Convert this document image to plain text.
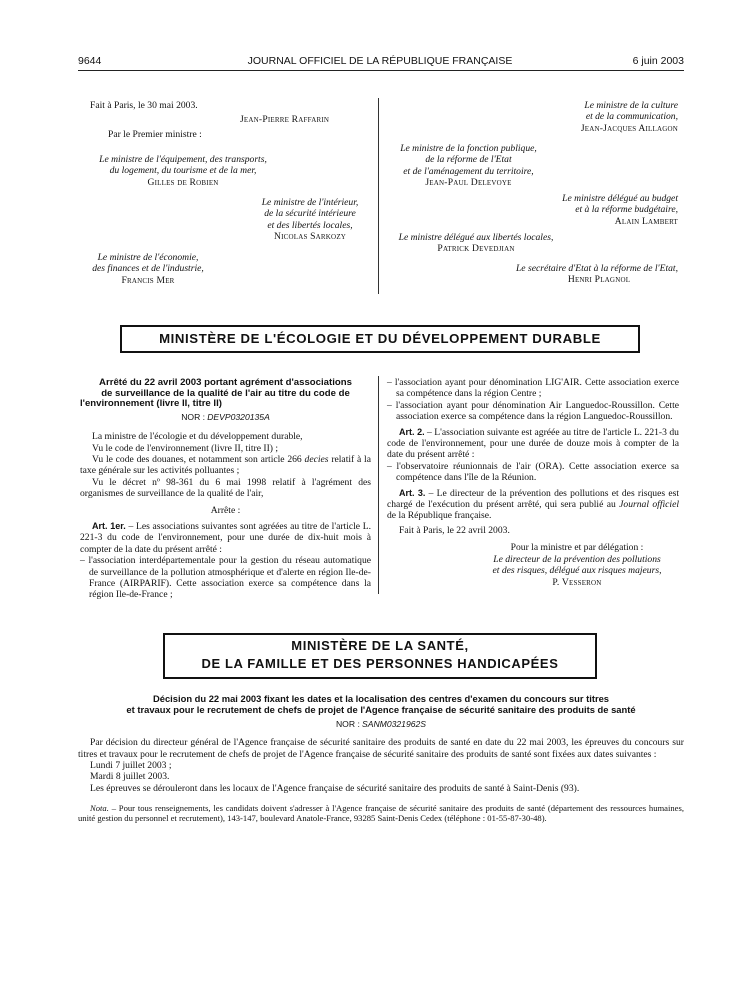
9644	JOURNAL OFFICIEL DE LA RÉPUBLIQUE FRANÇAISE	6 juin 2003

Fait à Paris, le 30 mai 2003.

Jean-Pierre Raffarin

Par le Premier ministre :

Le ministre de l'équipement, des transports,

du logement, du tourisme et de la mer,

Gilles de Robien

Le ministre de l'intérieur,

de la sécurité intérieure

et des libertés locales,

Nicolas Sarkozy

Le ministre de l'économie,

des finances et de l'industrie,

Francis Mer

Le ministre de la culture

et de la communication,

Jean-Jacques Aillagon

Le ministre de la fonction publique,

de la réforme de l'Etat

et de l'aménagement du territoire,

Jean-Paul Delevoye

Le ministre délégué au budget

et à la réforme budgétaire,

Alain Lambert

Le ministre délégué aux libertés locales,

Patrick Devedjian

Le secrétaire d'Etat à la réforme de l'Etat,

Henri Plagnol

MINISTÈRE DE L'ÉCOLOGIE ET DU DÉVELOPPEMENT DURABLE

Arrêté du 22 avril 2003 portant agrément d'associations

de surveillance de la qualité de l'air au titre du code de

l'environnement (livre II, titre II)

NOR : DEVP0320135A

La ministre de l'écologie et du développement durable,

Vu le code de l'environnement (livre II, titre II) ;

Vu le code des douanes, et notamment son article 266 decies relatif à la taxe générale sur les activités polluantes ;

Vu le décret nº 98-361 du 6 mai 1998 relatif à l'agrément des organismes de surveillance de la qualité de l'air,

Arrête :

Art. 1er. – Les associations suivantes sont agréées au titre de l'article L. 221-3 du code de l'environnement, pour une durée de dix-huit mois à compter de la date du présent arrêté :

– l'association interdépartementale pour la gestion du réseau automatique de surveillance de la pollution atmosphérique et d'alerte en région Ile-de-France (AIRPARIF). Cette association exerce sa compétence dans la région Ile-de-France ;

– l'association ayant pour dénomination LIG'AIR. Cette association exerce sa compétence dans la région Centre ;

– l'association ayant pour dénomination Air Languedoc-Roussillon. Cette association exerce sa compétence dans la région Languedoc-Roussillon.

Art. 2. – L'association suivante est agréée au titre de l'article L. 221-3 du code de l'environnement, pour une durée de douze mois à compter de la date du présent arrêté :

– l'observatoire réunionnais de l'air (ORA). Cette association exerce sa compétence dans l'île de la Réunion.

Art. 3. – Le directeur de la prévention des pollutions et des risques est chargé de l'exécution du présent arrêté, qui sera publié au Journal officiel de la République française.

Fait à Paris, le 22 avril 2003.

Pour la ministre et par délégation :

Le directeur de la prévention des pollutions

et des risques, délégué aux risques majeurs,

P. Vesseron

MINISTÈRE DE LA SANTÉ,
DE LA FAMILLE ET DES PERSONNES HANDICAPÉES

Décision du 22 mai 2003 fixant les dates et la localisation des centres d'examen du concours sur titres

et travaux pour le recrutement de chefs de projet de l'Agence française de sécurité sanitaire des produits de santé

NOR : SANM0321962S

Par décision du directeur général de l'Agence française de sécurité sanitaire des produits de santé en date du 22 mai 2003, les épreuves du concours sur titres et travaux pour le recrutement de chefs de projet de l'Agence française de sécurité sanitaire des produits de santé sont fixées aux dates suivantes :

Lundi 7 juillet 2003 ;

Mardi 8 juillet 2003.

Les épreuves se dérouleront dans les locaux de l'Agence française de sécurité sanitaire des produits de santé à Saint-Denis (93).

Nota. – Pour tous renseignements, les candidats doivent s'adresser à l'Agence française de sécurité sanitaire des produits de santé (département des ressources humaines, unité gestion du personnel et recrutement), 143-147, boulevard Anatole-France, 93285 Saint-Denis Cedex (téléphone : 01-55-87-30-48).
